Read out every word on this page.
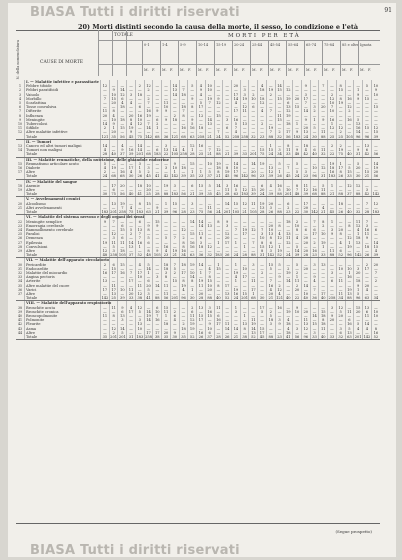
BIASA Tutti i diritti riservati	91
20) Morti distinti secondo la causa della morte, il sesso, lo condizione e l'età
BIASA Tutti i diritti riservati
(Segue prospetto)
TOTALE	MORTI PER ETÀ
CAUSE DI MORTE
0-1
M. F.
1-4
M. F.
5-9
M. F.
10-14
M. F.
15-19
M. F.
20-24
M. F.
25-44
M. F.
45-54
M. F.
55-64
M. F.
65-74
M. F.
75-84
M. F.
85 e oltre
M. F.
Ignota
M. F.
N. della nomenclatura
	I. — Malattie infettive e parassitarie																																
1	Febbre tifoide	12	—	—	—	2	12	—	—	14	—	5	4	10	—	—	20	—	—	4	—	14	—	—	9	—	7	—	8	—	—	5	10
2	Febbri paratifoidi	—	9	14	—	—	2	—	—	13	7	—	9	10	—	—	—	3	—	18	19	15	12	—	—	—	—	—	15	—	1	—	9
3	Vaiuolo	—	10	12	3	18	—	—	—	14	18	—	4	—	—	—	17	3	2	—	2	—	—	—	3	—	—	2	—	—	9	—	10
4	Morbillo	7	15	6	—	—	2	—	—	—	—	9	—	19	9	—	14	19	10	18	—	15	19	20	17	—	—	12	8	16	9	15	—
5	Scarlattina	—	20	4	4	—	7	—	11	—	—	—	5	7	12	—	4	—	—	12	—	—	6	—	7	—	—	10	19	—	—	—	—
6	Tosse convulsiva	—	—	18	—	6	—	—	10	—	18	8	17	—	—	—	—	12	6	—	—	—	13	15	—	3	20	7	—	12	—	—	15
7	Difterite	11	8	—	—	—	16	9	9	—	7	—	—	—	—	—	17	11	—	4	7	—	12	—	14	2	—	10	—	2	—	—	—
8	Influenza	20	4	—	20	16	19	—	—	2	8	—	12	—	15	—	—	—	—	—	—	11	19	—	—	—	—	—	—	—	—	—	—
9	Meningite	—	10	18	8	10	—	6	9	18	—	9	—	14	—	3	16	—	—	—	—	15	—	—	9	1	9	16	—	16	5	—	—
10	Tubercolosi	14	9	—	4	12	7	2	—	—	—	5	—	13	—	—	5	13	—	2	—	—	18	1	—	—	—	1	—	—	13	—	—
11	Sifilide	2	1	15	19	—	14	1	—	—	16	16	18	—	—	6	7	—	—	—	19	—	—	—	20	5	—	12	12	—	16	15	12
12	Altre malattie infettive	—	20	—	9	—	—	—	—	—	—	—	—	—	7	—	4	—	—	—	7	2	17	9	13	—	11	—	2	—	14	—	15
	Totale	121	35	56	45	75	142	68	36	121	68	63	258	21	24	52	258	258	32	23	88	32	56	183	24	30	88	25	25	105	96	96	39
	II. — Tumori																																
13	Cancro ed altri tumori maligni	14	—	4	—	14	—	—	3	—	—	12	16	—	—	—	—	—	—	—	1	—	8	—	18	—	—	2	2	—	—	13	—
14	Tumori non maligni	4	—	9	16	14	—	6	13	14	4	1	—	7	12	—	—	—	—	15	15	3	11	9	4	6	11	—	19	—	9	6	—
	Totale	28	40	37	39	201	68	183	22	105	258	28	25	21	88	21	39	33	201	75	24	34	33	48	42	40	32	22	75	40	31	42	56
	III. — Malattie reumatiche, della nutrizione, delle ghiandole endocrine																																
15	Reumatismo articolare acuto	5	—	—	—	3	—	—	—	9	—	15	—	10	19	—	14	—	14	19	—	5	—	5	—	—	—	19	1	—	5	—	14
16	Diabete	4	19	—	17	1	3	—	3	10	18	—	—	—	18	8	10	—	—	—	13	—	7	—	—	10	12	18	17	5	20	—	19
17	Altre	2	—	16	4	5	2	—	—	1	—	1	1	5	8	19	17	—	20	—	12	1	—	5	3	—	—	16	8	15	—	15	20
	Totale	24	68	68	30	26	45	41	42	142	39	35	23	37	21	45	96	142	96	23	39	26	45	24	23	96	31	183	26	33	30	21	56
	IV. — Malattie del sangue																																
18	Anemie	—	17	20	—	18	10	—	19	3	—	6	15	5	14	3	16	—	—	6	4	16	—	8	11	—	5	1	—	12	12	—	—
19	Altre	—	6	—	—	—	20	—	—	—	—	—	—	—	—	11	5	12	15	20	—	5	10	7	12	16	11	—	—	—	—	3	—
	Totale	30	75	56	40	41	25	28	88	183	56	21	39	35	45	28	63	183	39	24	39	88	201	48	39	68	88	21	88	37	88	42	142
	V. — Avvelenamenti cronici																																
20	Alcoolismo	—	13	19	—	8	15	—	1	15	—	3	—	—	—	14	15	12	11	19	20	—	6	—	17	—	—	—	18	—	—	7	12
21	Altri avvelenamenti	—	—	7	4	—	—	9	—	—	—	—	—	11	—	—	—	—	—	13	3	—	2	—	20	—	4	—	—	—	—	—	—
	Totale	183	201	258	75	183	63	21	39	96	28	23	75	56	24	201	105	21	105	28	26	88	23	22	30	142	21	45	26	40	32	28	183
	VI. — Malattie del sistema nervoso e degli organi dei sensi																																
22	Meningite semplice	9	7	—	—	6	—	15	—	—	—	14	14	—	8	9	—	—	—	—	—	—	18	2	—	7	8	1	—	—	11	7	—
23	Emorragia cerebrale	—	—	6	—	—	9	9	—	—	—	—	14	13	—	3	—	—	—	—	20	8	—	10	—	—	2	—	—	8	12	3	—
24	Rammollimento cerebrale	—	—	15	5	13	8	—	—	—	12	—	—	—	—	—	7	19	12	7	10	—	—	8	6	6	—	3	20	—	4	16	6
25	Paralisi	—	12	—	2	7	—	—	—	—	—	15	11	—	—	12	—	17	—	3	13	4	13	—	—	17	10	9	8	—	1	11	—
26	Demenza	—	3	6	—	7	5	—	5	7	2	—	6	—	—	20	—	—	—	10	8	12	11	4	20	—	—	—	—	12	18	9	—
27	Epilessia	19	11	11	14	16	6	—	—	—	8	16	3	—	1	17	1	—	7	8	6	—	12	—	20	2	19	—	4	1	13	—	14
28	Convulsioni	—	5	—	13	1	—	—	16	—	8	16	18	12	—	—	—	1	—	15	12	1	—	5	—	—	1	—	—	19	—	18	15
29	Altre	12	3	18	—	—	8	9	4	19	16	—	—	—	—	—	—	—	—	8	3	19	—	14	20	16	—	11	6	—	—	—	4
	Totale	48	258	105	37	52	48	105	23	21	34	63	36	32	183	26	24	28	88	31	142	52	24	39	28	23	33	88	52	96	142	26	39
	VII. — Malattie dell'apparato circolatorio																																
30	Pericardite	2	6	15	—	4	5	—	18	7	18	19	14	—	1	—	1	—	3	—	15	5	—	5	—	3	13	—	—	—	—	2	20
31	Endocardite	—	15	—	—	—	14	—	18	5	—	—	—	4	15	—	—	10	—	—	5	—	2	—	20	—	—	—	10	10	3	17	—
32	Malattie del miocardio	16	17	16	7	17	1	—	3	2	17	10	1	7	—	—	19	—	—	2	—	—	19	2	—	—	—	3	—	1	20	—	7
33	Angina pectoris	—	—	—	—	10	—	3	8	—	—	14	—	8	—	—	4	17	—	—	—	9	—	1	—	9	—	—	—	16	—	—	—
34	Arterite	13	—	—	17	—	6	—	—	15	8	8	19	15	—	—	1	—	11	—	7	—	14	11	—	4	—	6	11	—	18	—	2
35	Altre malattie del cuore	—	11	—	—	11	20	14	11	—	19	—	11	10	8	17	—	—	—	—	16	2	—	2	14	—	—	—	—	—	9	20	—
36	Varici	17	17	10	11	—	5	—	—	—	4	1	—	20	—	—	19	—	17	—	4	12	—	20	—	7	—	—	—	19	1	4	—
37	Altre	—	13	—	20	12	3	—	11	—	—	—	20	—	—	13	16	15	1	—	20	4	—	—	10	—	17	—	11	13	5	—	—
	Totale	142	25	39	33	38	41	88	56	201	96	30	28	88	40	52	24	201	68	30	21	121	40	22	40	36	40	258	34	88	96	63	34
	VIII. — Malattie dell'apparato respiratorio																																
38	Bronchite acuta	—	11	9	4	12	—	6	15	—	—	2	13	3	11	—	1	—	—	17	—	16	—	9	—	—	—	3	12	—	15	13	—
39	Bronchite cronica	—	—	6	17	5	14	10	11	2	—	6	—	16	—	—	3	—	—	5	2	—	19	10	20	—	15	—	5	11	20	6	10
40	Broncopolmonite	11	8	13	—	—	19	7	1	6	—	11	15	15	6	—	—	1	—	—	5	—	—	—	—	14	18	9	20	—	—	11	10
41	Polmonite	—	—	3	—	3	14	16	—	4	—	12	17	—	16	—	—	—	11	—	18	3	4	—	11	—	8	20	—	6	—	—	—
42	Pleurite	—	—	—	—	13	—	—	18	—	2	19	—	9	17	11	—	13	19	—	3	9	18	—	13	15	18	—	—	16	5	14	—
43	Asma	—	12	14	—	10	—	—	—	—	18	19	—	10	—	14	14	8	14	15	—	—	4	3	12	—	11	—	3	5	4	4	8
44	Altre	—	2	5	—	—	17	17	20	9	—	—	16	6	—	—	—	—	13	17	—	—	18	—	—	3	—	—	6	13	—	—	16
	Totale	35	201	201	31	183	258	38	35	30	35	52	26	37	28	26	21	38	52	45	88	23	41	56	96	33	40	33	32	63	201	142	52
